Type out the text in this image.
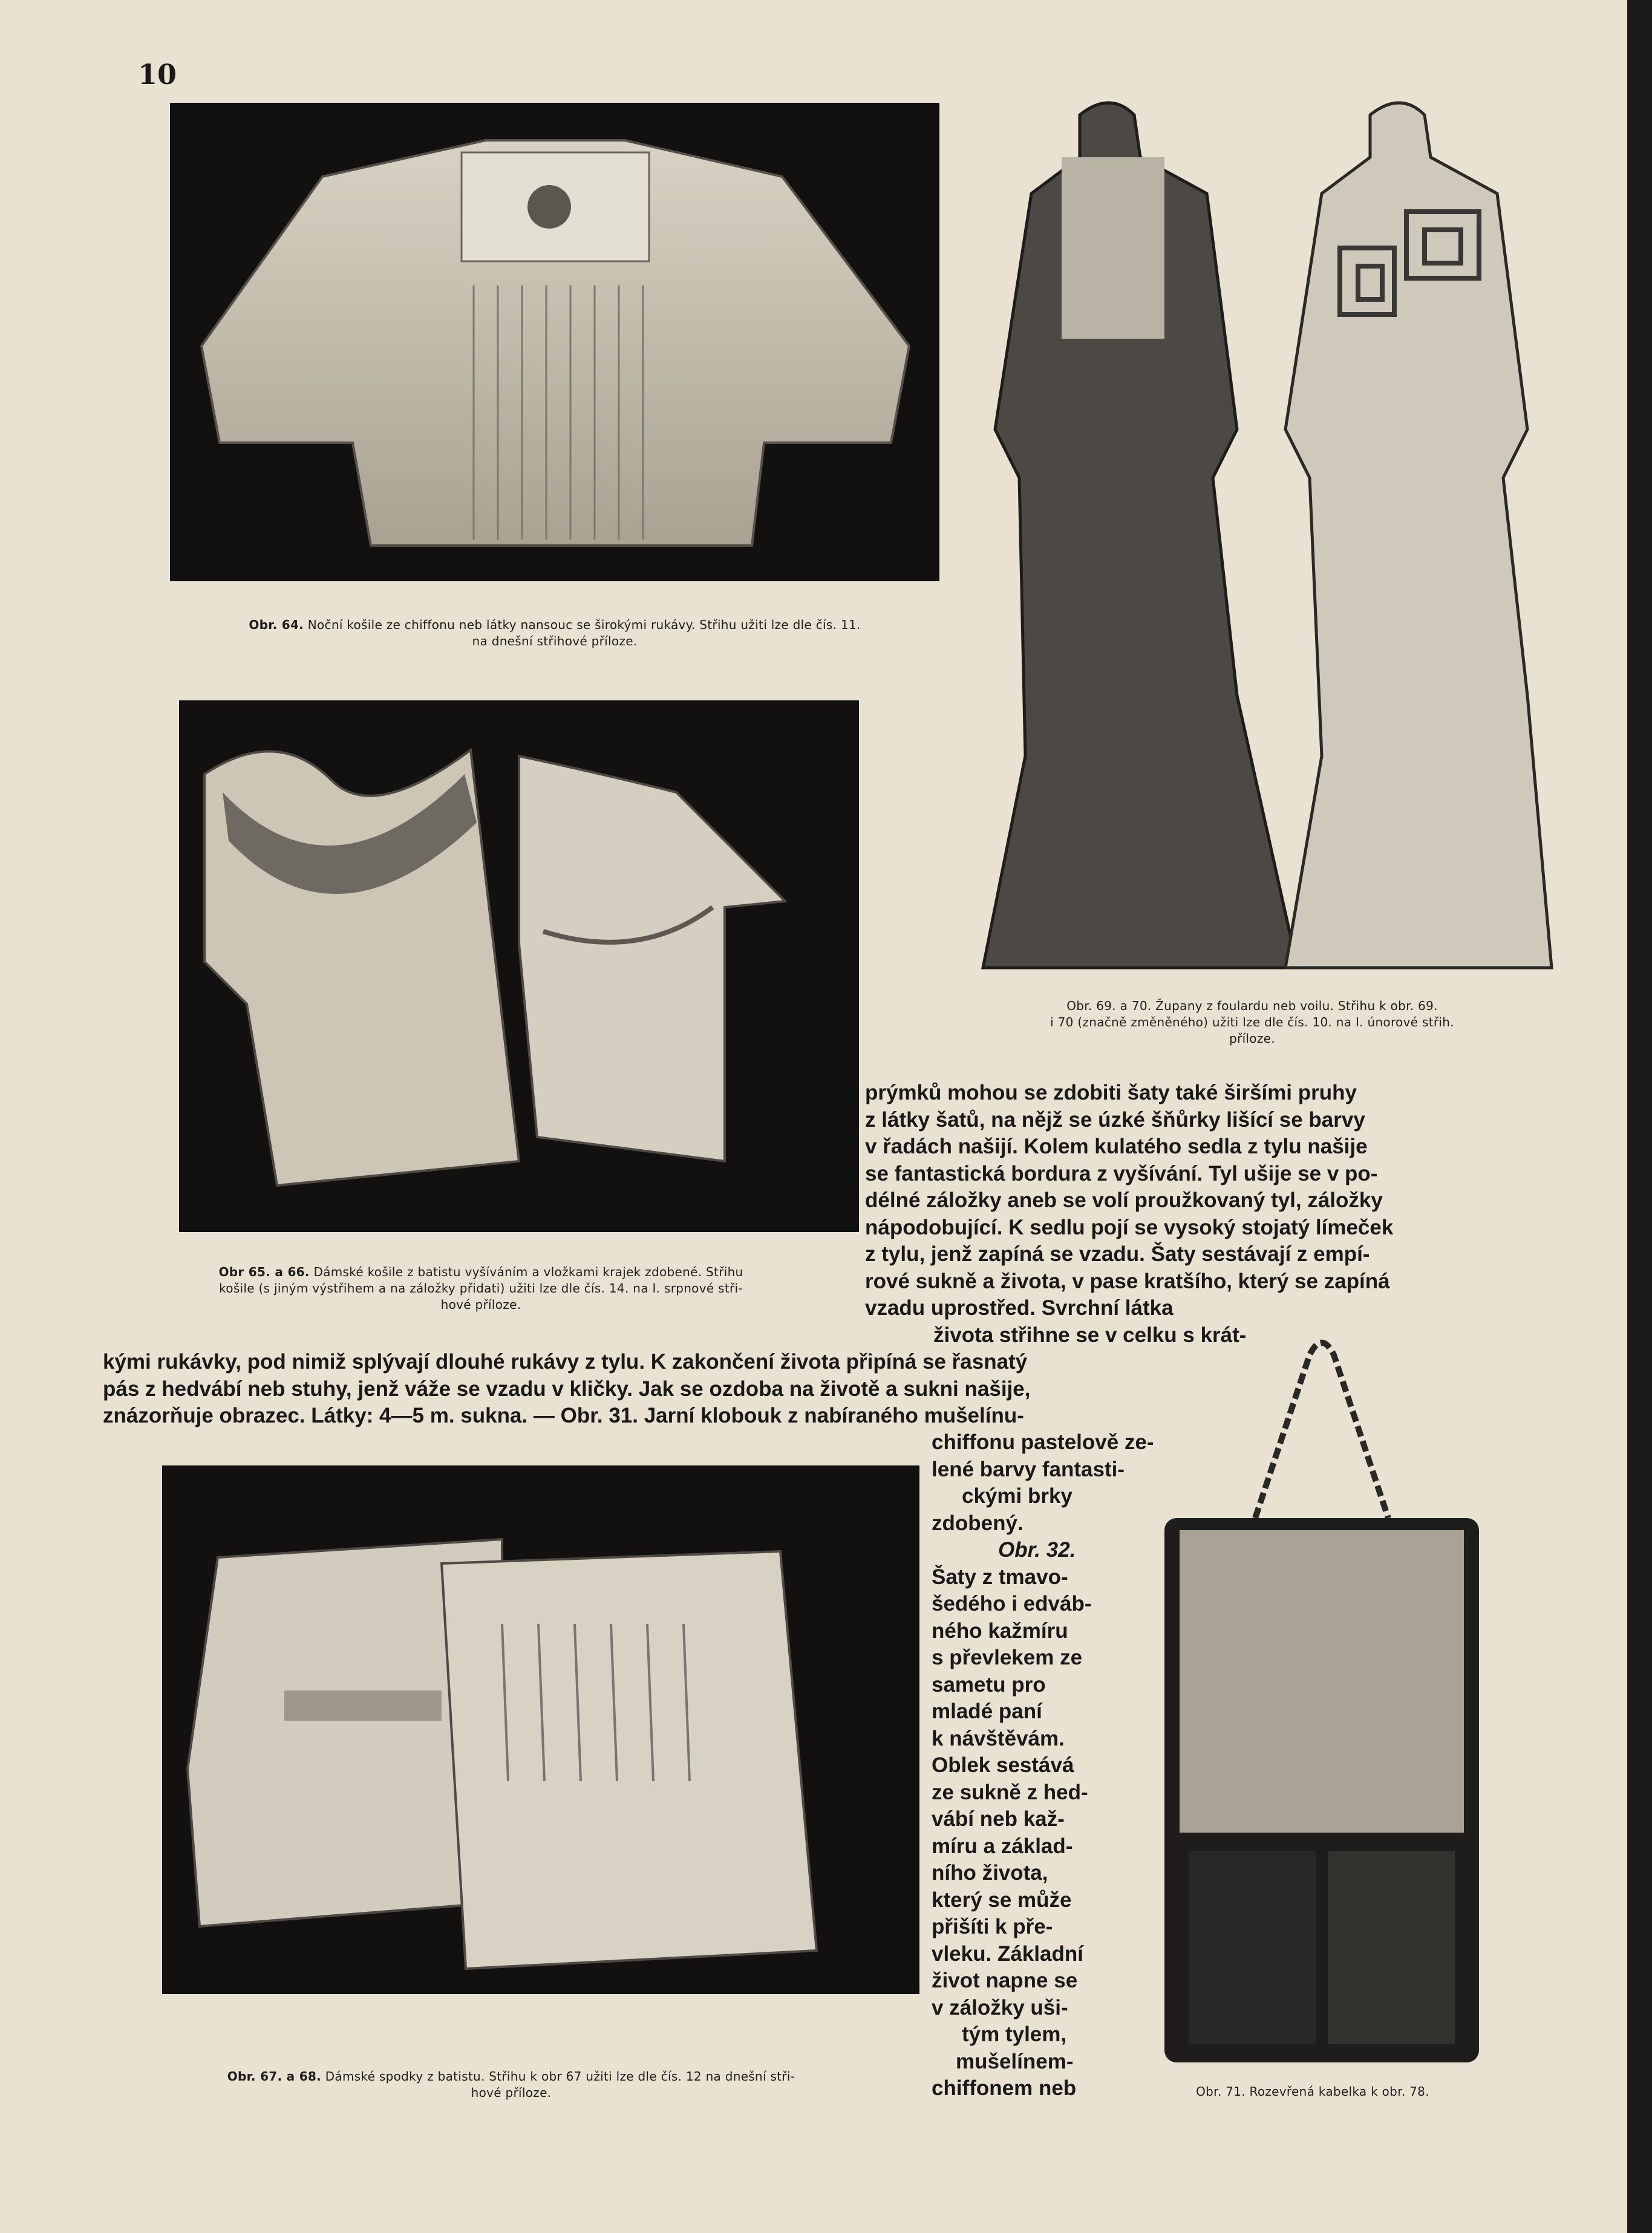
10
Obr. 64. Noční košile ze chiffonu neb látky nansouc se širokými rukávy. Střihu užiti lze dle čís. 11.
na dnešní střihové příloze.
Obr 65. a 66. Dámské košile z batistu vyšíváním a vložkami krajek zdobené. Střihu
košile (s jiným výstřihem a na záložky přidati) užiti lze dle čís. 14. na I. srpnové stři-
hové příloze.
Obr. 69. a 70. Župany z foulardu neb voilu. Střihu k obr. 69.
i 70 (značně změněného) užiti lze dle čís. 10. na I. únorové střih.
příloze.

prýmků mohou se zdobiti šaty také širšími pruhy

z látky šatů, na nějž se úzké šňůrky lišící se barvy

v řadách našijí. Kolem kulatého sedla z tylu našije

se fantastická bordura z vyšívání. Tyl ušije se v po-

délné záložky aneb se volí proužkovaný tyl, záložky

nápodobující. K sedlu pojí se vysoký stojatý límeček

z tylu, jenž zapíná se vzadu. Šaty sestávají z empí-

rové sukně a života, v pase kratšího, který se zapíná

vzadu uprostřed. Svrchní látka

života střihne se v celku s krát-

kými rukávky, pod nimiž splývají dlouhé rukávy z tylu. K zakončení života připíná se řasnatý

pás z hedvábí neb stuhy, jenž váže se vzadu v kličky. Jak se ozdoba na životě a sukni našije,

znázorňuje obrazec. Látky: 4—5 m. sukna. — Obr. 31. Jarní klobouk z nabíraného mušelínu-

chiffonu pastelově ze-

lené barvy fantasti-

ckými brky

zdobený.

Obr. 32.

Šaty z tmavo-

šedého i edváb-

ného kažmíru

s převlekem ze

sametu pro

mladé paní

k návštěvám.

Oblek sestává

ze sukně z hed-

vábí neb kaž-

míru a základ-

ního života,

který se může

přišíti k pře-

vleku. Základní

život napne se

v záložky uši-

tým tylem,

mušelínem-

chiffonem neb

Obr. 67. a 68. Dámské spodky z batistu. Střihu k obr 67 užiti lze dle čís. 12 na dnešní stři-
hové příloze.	Obr. 71. Rozevřená kabelka k obr. 78.
